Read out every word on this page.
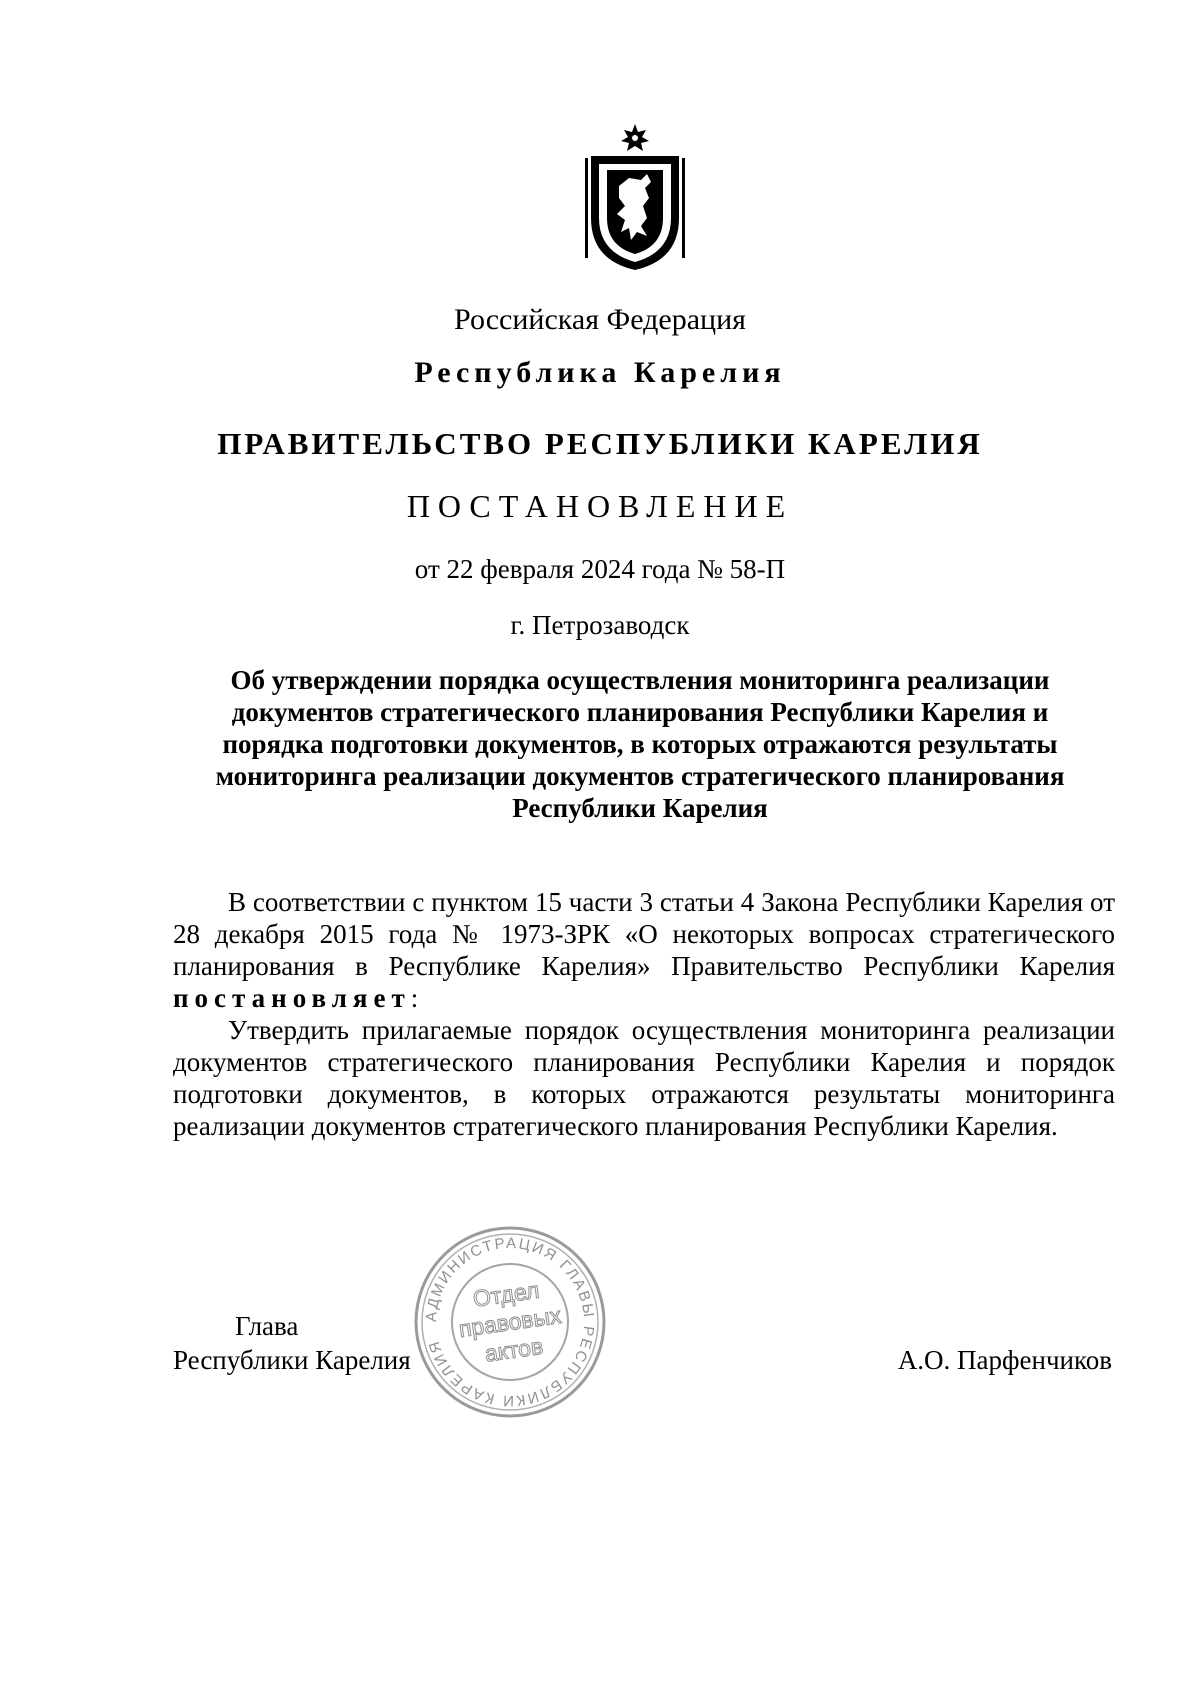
Российская Федерация
Республика Карелия
ПРАВИТЕЛЬСТВО РЕСПУБЛИКИ КАРЕЛИЯ
ПОСТАНОВЛЕНИЕ
от 22 февраля 2024 года № 58-П
г. Петрозаводск
Об утверждении порядка осуществления мониторинга реализации
документов стратегического планирования Республики Карелия и
порядка подготовки документов, в которых отражаются результаты
мониторинга реализации документов стратегического планирования
Республики Карелия

В соответствии с пунктом 15 части 3 статьи 4 Закона Республики Карелия от 28 декабря 2015 года № 1973-ЗРК «О некоторых вопросах стратегического планирования в Республике Карелия» Правительство Республики Карелия постановляет:

Утвердить прилагаемые порядок осуществления мониторинга реализации документов стратегического планирования Республики Карелия и порядок подготовки документов, в которых отражаются результаты мониторинга реализации документов стратегического планирования Республики Карелия.

АДМИНИСТРАЦИЯ ГЛАВЫ РЕСПУБЛИКИ КАРЕЛИЯ
Отдел
правовых
актов
Глава
Республики Карелия	А.О. Парфенчиков
